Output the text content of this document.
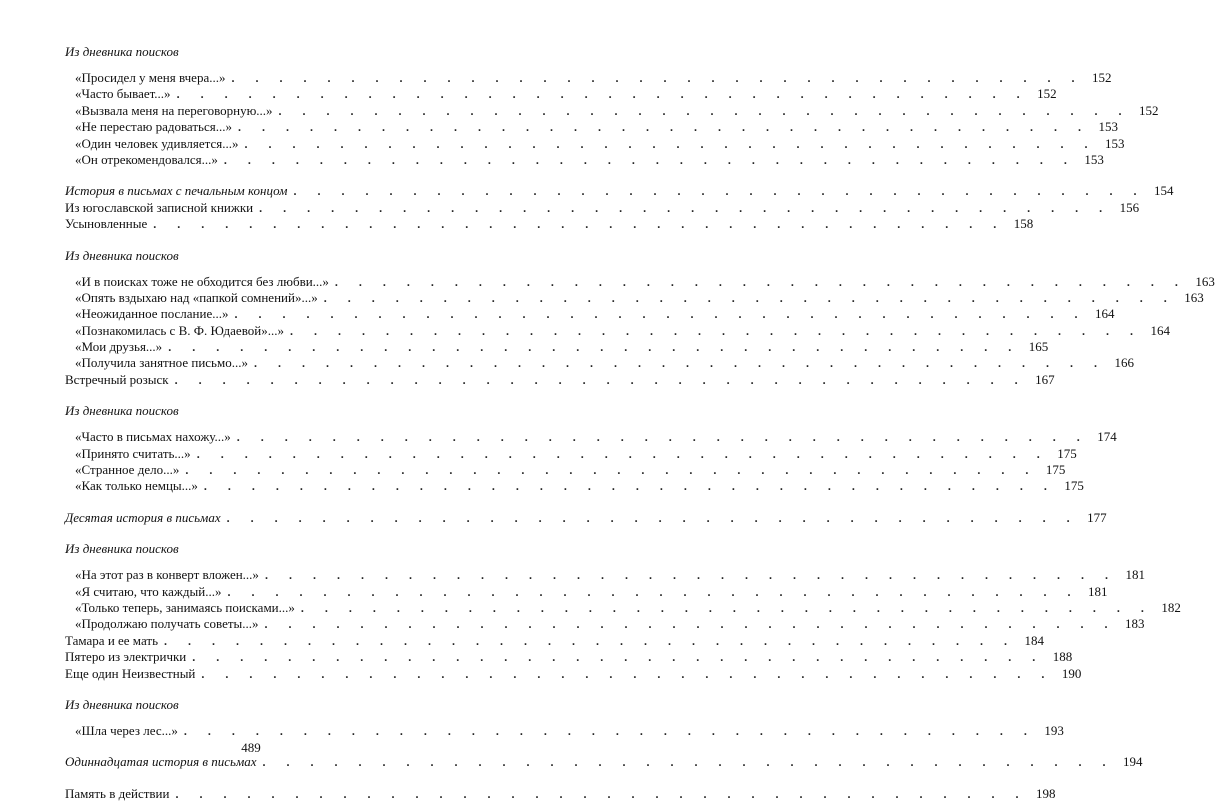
Из дневника поисков
«Просидел у меня вчера...» . . . . . . . . . . . . . . . . . . . . . . . . . . . . . . . . . . . . 152
«Часто бывает...» . . . . . . . . . . . . . . . . . . . . . . . . . . . . . . . . . . . . 152
«Вызвала меня на переговорную...» . . . . . . . . . . . . . . . . . . . . . . . . . . . . . . . . . . . . 152
«Не перестаю радоваться...» . . . . . . . . . . . . . . . . . . . . . . . . . . . . . . . . . . . . 153
«Один человек удивляется...» . . . . . . . . . . . . . . . . . . . . . . . . . . . . . . . . . . . . 153
«Он отрекомендовался...» . . . . . . . . . . . . . . . . . . . . . . . . . . . . . . . . . . . . 153
История в письмах с печальным концом . . . . . . . . . . . . . . . . . . . . . . . . . . . . . . . . . . . . 154
Из югославской записной книжки . . . . . . . . . . . . . . . . . . . . . . . . . . . . . . . . . . . . 156
Усыновленные . . . . . . . . . . . . . . . . . . . . . . . . . . . . . . . . . . . . 158
Из дневника поисков
«И в поисках тоже не обходится без любви...» . . . . . . . . . . . . . . . . . . . . . . . . . . . . . . . . . . . . 163
«Опять вздыхаю над «папкой сомнений»...» . . . . . . . . . . . . . . . . . . . . . . . . . . . . . . . . . . . . 163
«Неожиданное послание...» . . . . . . . . . . . . . . . . . . . . . . . . . . . . . . . . . . . . 164
«Познакомилась с В. Ф. Юдаевой»...» . . . . . . . . . . . . . . . . . . . . . . . . . . . . . . . . . . . . 164
«Мои друзья...» . . . . . . . . . . . . . . . . . . . . . . . . . . . . . . . . . . . . 165
«Получила занятное письмо...» . . . . . . . . . . . . . . . . . . . . . . . . . . . . . . . . . . . . 166
Встречный розыск . . . . . . . . . . . . . . . . . . . . . . . . . . . . . . . . . . . . 167
Из дневника поисков
«Часто в письмах нахожу...» . . . . . . . . . . . . . . . . . . . . . . . . . . . . . . . . . . . . 174
«Принято считать...» . . . . . . . . . . . . . . . . . . . . . . . . . . . . . . . . . . . . 175
«Странное дело...» . . . . . . . . . . . . . . . . . . . . . . . . . . . . . . . . . . . . 175
«Как только немцы...» . . . . . . . . . . . . . . . . . . . . . . . . . . . . . . . . . . . . 175
Десятая история в письмах . . . . . . . . . . . . . . . . . . . . . . . . . . . . . . . . . . . . 177
Из дневника поисков
«На этот раз в конверт вложен...» . . . . . . . . . . . . . . . . . . . . . . . . . . . . . . . . . . . . 181
«Я считаю, что каждый...» . . . . . . . . . . . . . . . . . . . . . . . . . . . . . . . . . . . . 181
«Только теперь, занимаясь поисками...» . . . . . . . . . . . . . . . . . . . . . . . . . . . . . . . . . . . . 182
«Продолжаю получать советы...» . . . . . . . . . . . . . . . . . . . . . . . . . . . . . . . . . . . . 183
Тамара и ее мать . . . . . . . . . . . . . . . . . . . . . . . . . . . . . . . . . . . . 184
Пятеро из электрички . . . . . . . . . . . . . . . . . . . . . . . . . . . . . . . . . . . . 188
Еще один Неизвестный . . . . . . . . . . . . . . . . . . . . . . . . . . . . . . . . . . . . 190
Из дневника поисков
«Шла через лес...» . . . . . . . . . . . . . . . . . . . . . . . . . . . . . . . . . . . . 193
Одиннадцатая история в письмах . . . . . . . . . . . . . . . . . . . . . . . . . . . . . . . . . . . . 194
Память в действии . . . . . . . . . . . . . . . . . . . . . . . . . . . . . . . . . . . . 198
489
